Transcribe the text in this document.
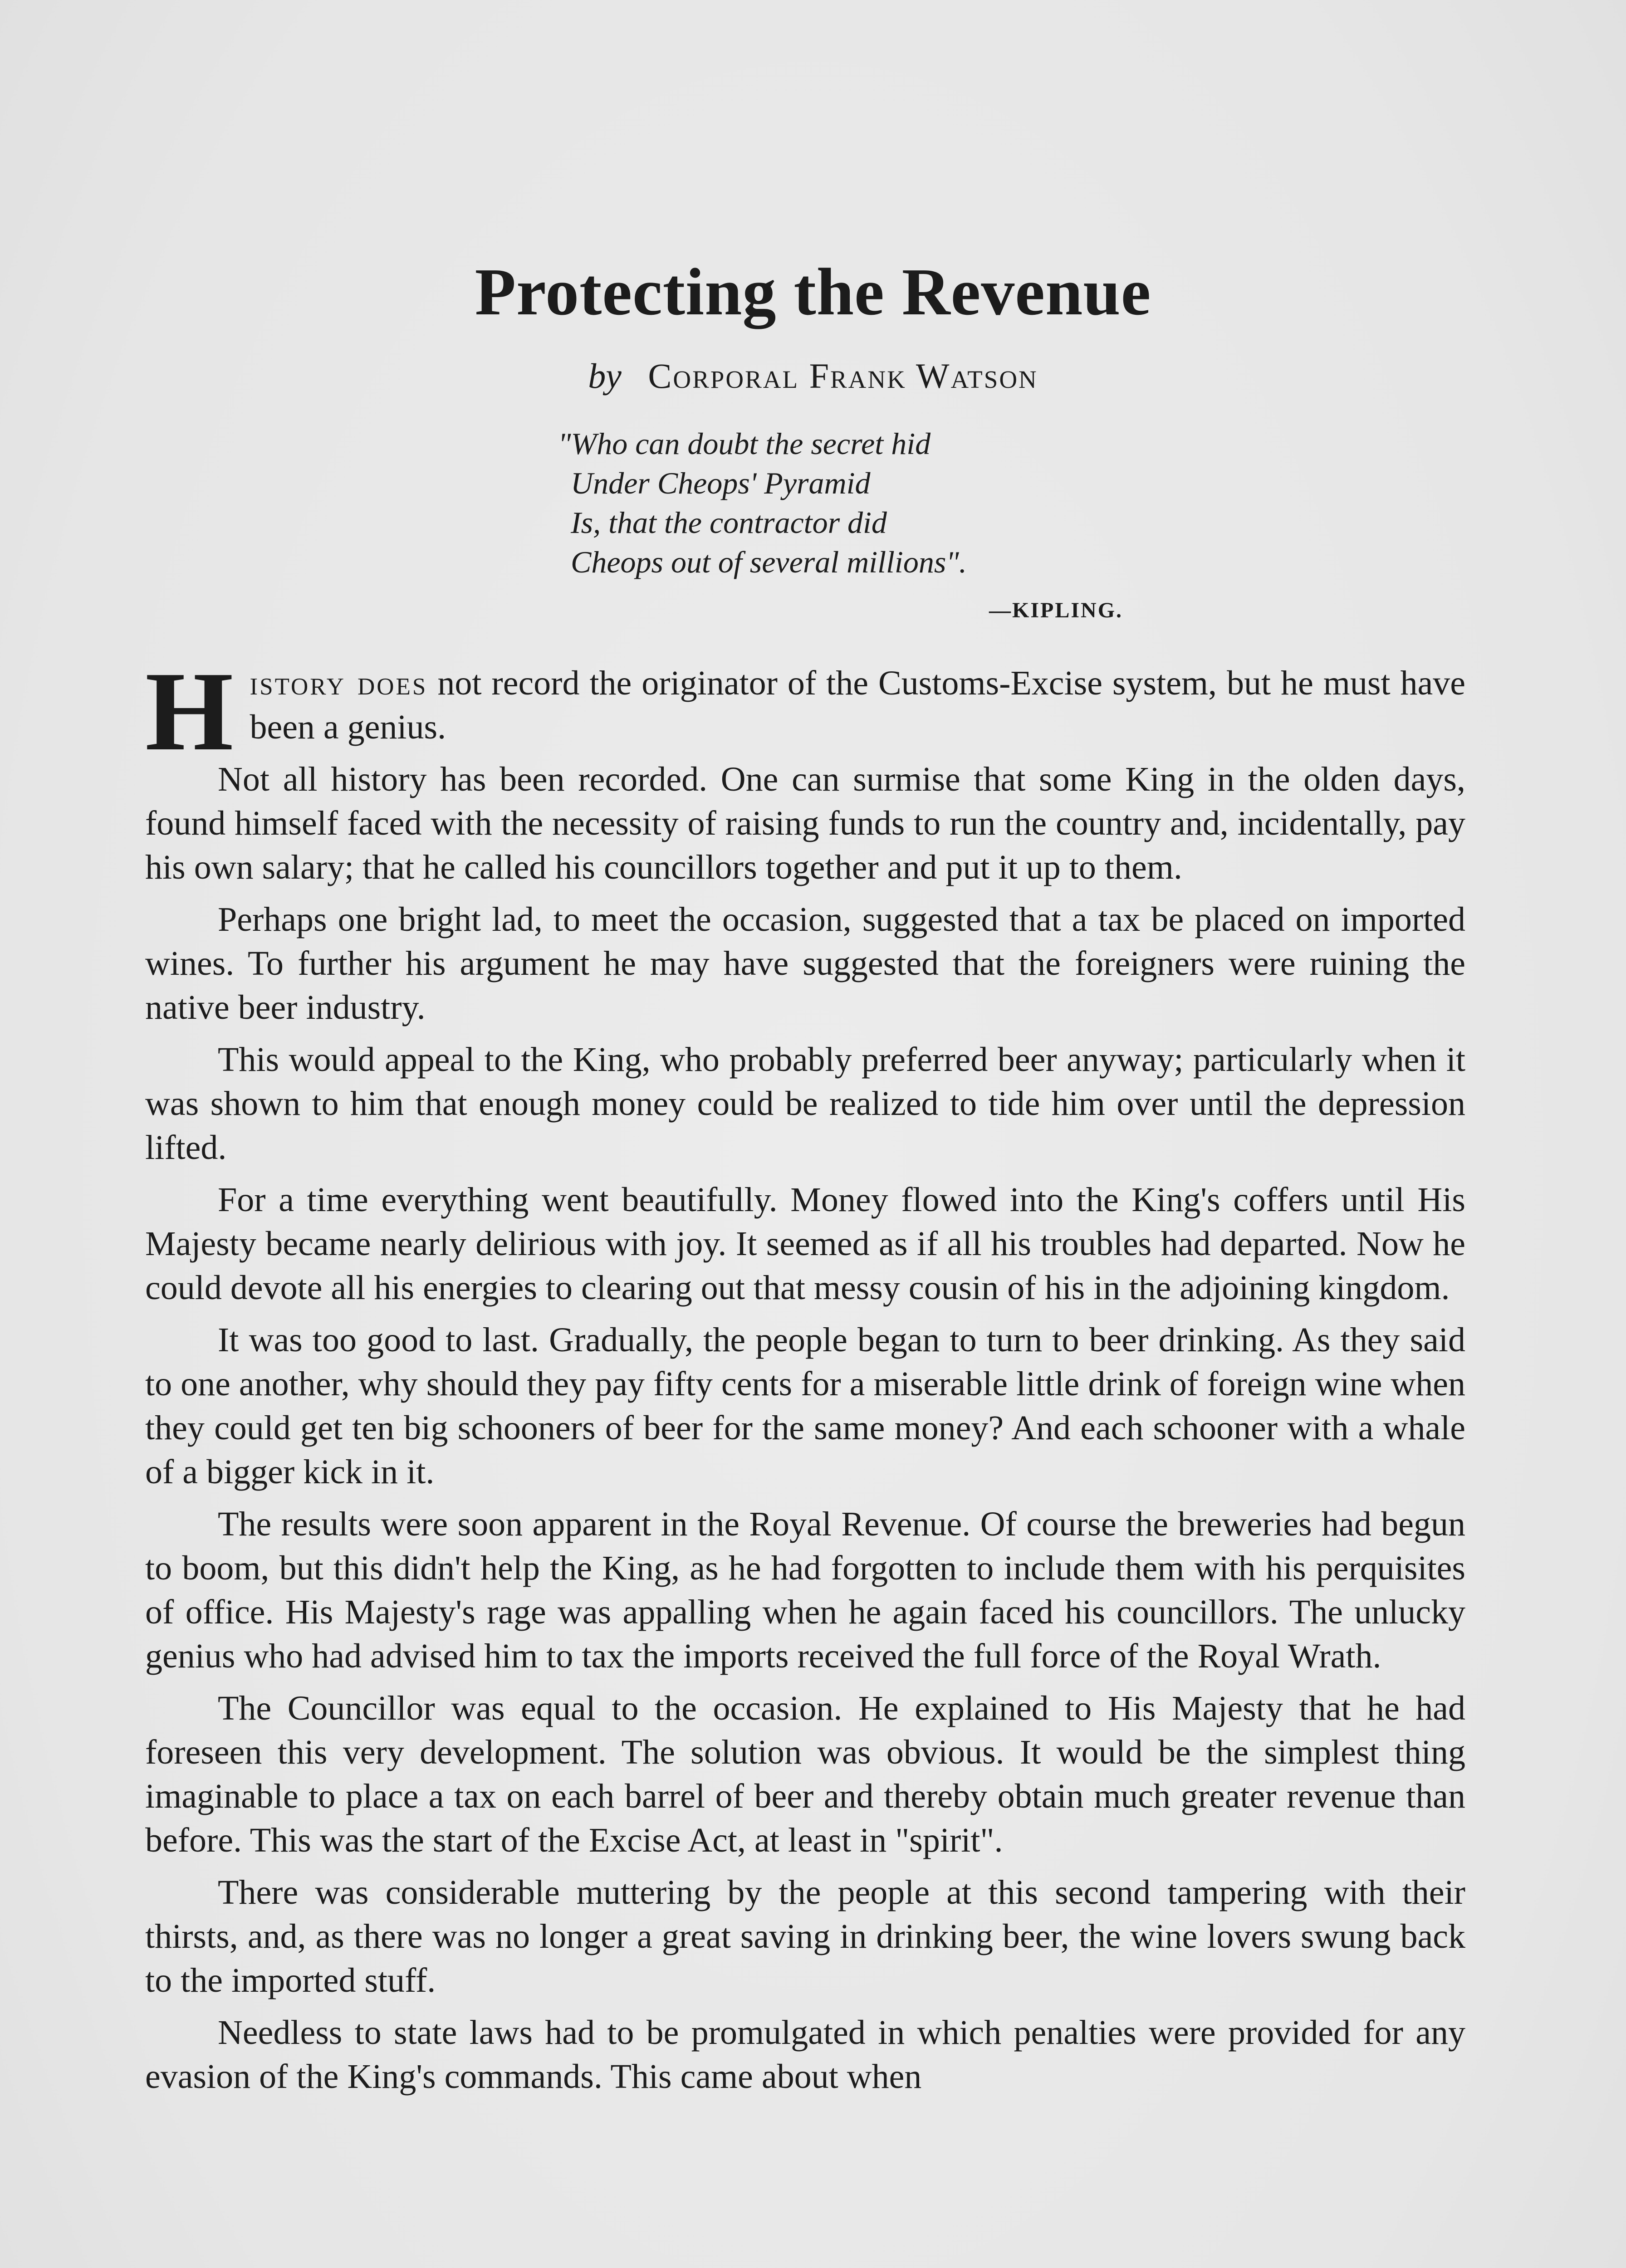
Protecting the Revenue
by Corporal Frank Watson
"Who can doubt the secret hid
Under Cheops' Pyramid
Is, that the contractor did
Cheops out of several millions".
—KIPLING.

History does not record the originator of the Customs-Excise system, but he must have been a genius.

Not all history has been recorded. One can surmise that some King in the olden days, found himself faced with the necessity of raising funds to run the country and, incidentally, pay his own salary; that he called his councillors together and put it up to them.

Perhaps one bright lad, to meet the occasion, suggested that a tax be placed on imported wines. To further his argument he may have suggested that the foreigners were ruining the native beer industry.

This would appeal to the King, who probably preferred beer anyway; particularly when it was shown to him that enough money could be realized to tide him over until the depression lifted.

For a time everything went beautifully. Money flowed into the King's coffers until His Majesty became nearly delirious with joy. It seemed as if all his troubles had departed. Now he could devote all his energies to clearing out that messy cousin of his in the adjoining kingdom.

It was too good to last. Gradually, the people began to turn to beer drinking. As they said to one another, why should they pay fifty cents for a miserable little drink of foreign wine when they could get ten big schooners of beer for the same money? And each schooner with a whale of a bigger kick in it.

The results were soon apparent in the Royal Revenue. Of course the breweries had begun to boom, but this didn't help the King, as he had forgotten to include them with his perquisites of office. His Majesty's rage was appalling when he again faced his councillors. The unlucky genius who had advised him to tax the imports received the full force of the Royal Wrath.

The Councillor was equal to the occasion. He explained to His Majesty that he had foreseen this very development. The solution was obvious. It would be the simplest thing imaginable to place a tax on each barrel of beer and thereby obtain much greater revenue than before. This was the start of the Excise Act, at least in "spirit".

There was considerable muttering by the people at this second tampering with their thirsts, and, as there was no longer a great saving in drinking beer, the wine lovers swung back to the imported stuff.

Needless to state laws had to be promulgated in which penalties were provided for any evasion of the King's commands. This came about when
